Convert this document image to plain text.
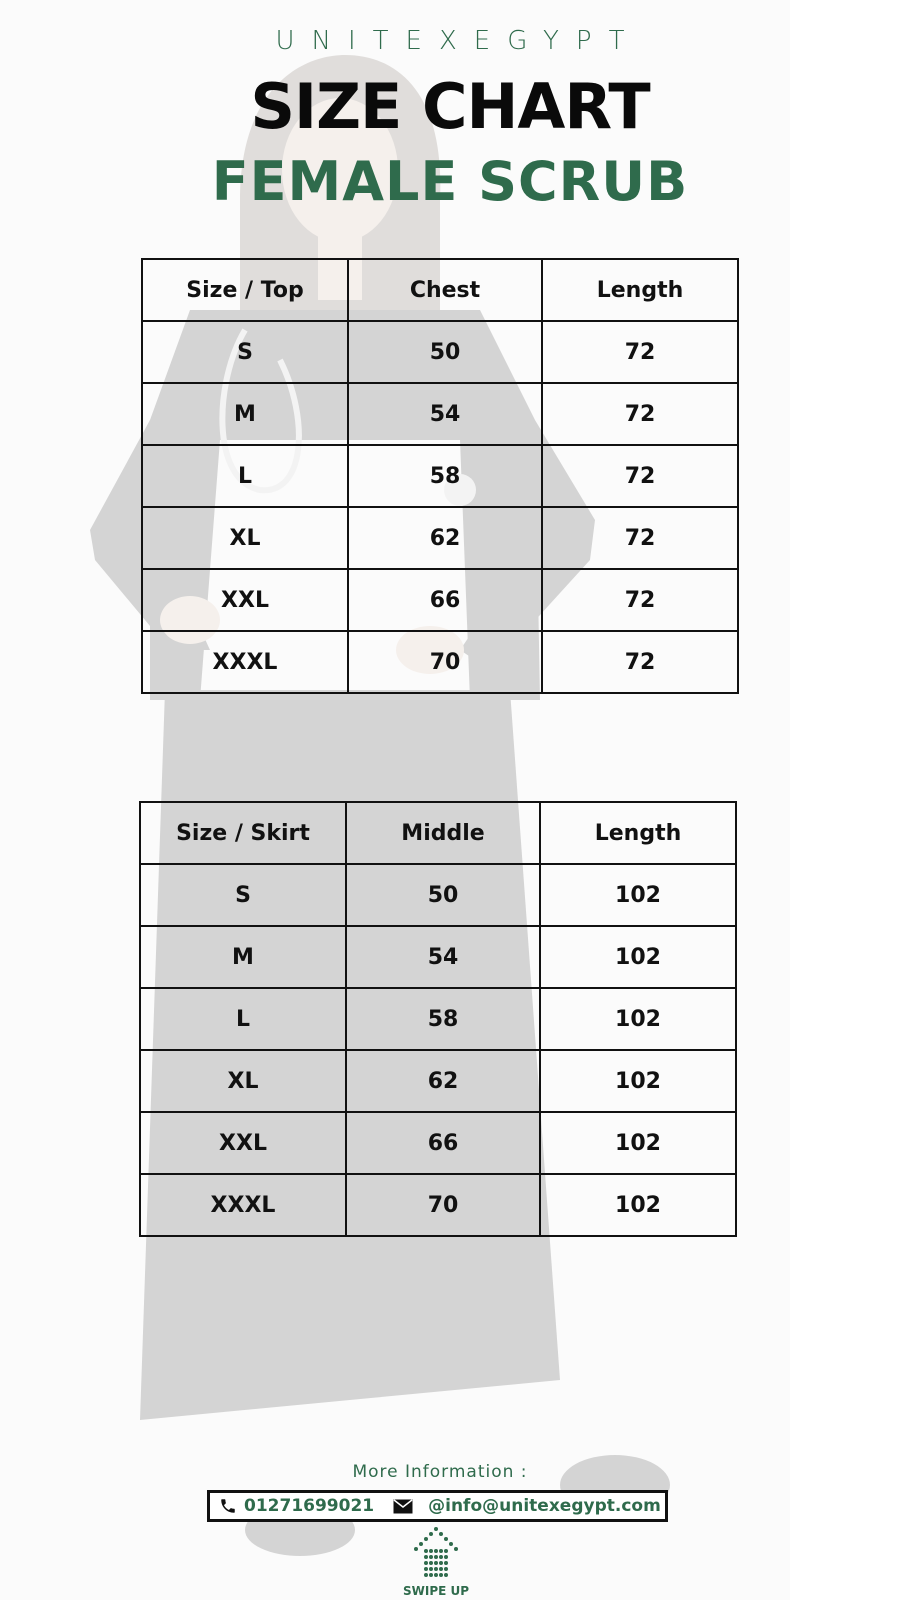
UNITEXEGYPT
SIZE CHART
FEMALE SCRUB
Size / Top	Chest	Length
S	50	72
M	54	72
L	58	72
XL	62	72
XXL	66	72
XXXL	70	72
Size / Skirt	Middle	Length
S	50	102
M	54	102
L	58	102
XL	62	102
XXL	66	102
XXXL	70	102
More Information :
01271699021	@info@unitexegypt.com
SWIPE UP
